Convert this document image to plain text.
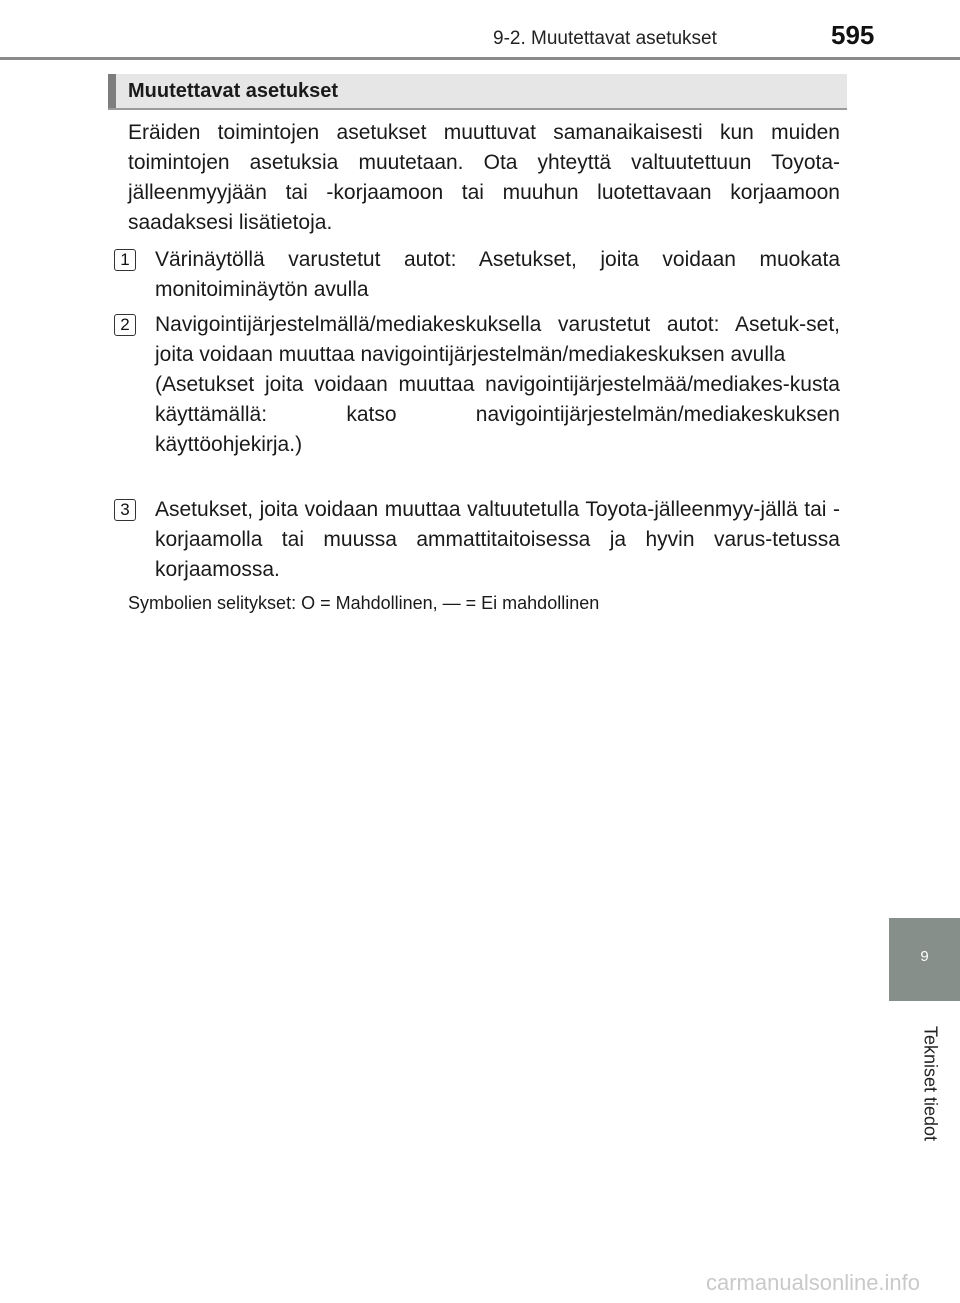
9-2. Muutettavat asetukset	595
Muutettavat asetukset

Eräiden toimintojen asetukset muuttuvat samanaikaisesti kun muiden toimintojen asetuksia muutetaan. Ota yhteyttä valtuutettuun Toyota-jälleenmyyjään tai -korjaamoon tai muuhun luotettavaan korjaamoon saadaksesi lisätietoja.

1 Värinäytöllä varustetut autot: Asetukset, joita voidaan muokata monitoiminäytön avulla

2 Navigointijärjestelmällä/mediakeskuksella varustetut autot: Asetuk-set, joita voidaan muuttaa navigointijärjestelmän/mediakeskuksen avulla

(Asetukset joita voidaan muuttaa navigointijärjestelmää/mediakes-kusta käyttämällä: katso navigointijärjestelmän/mediakeskuksen käyttöohjekirja.)

3 Asetukset, joita voidaan muuttaa valtuutetulla Toyota-jälleenmyy-jällä tai -korjaamolla tai muussa ammattitaitoisessa ja hyvin varus-tetussa korjaamossa.

Symbolien selitykset: O = Mahdollinen, — = Ei mahdollinen
9
Tekniset tiedot
carmanualsonline.info
